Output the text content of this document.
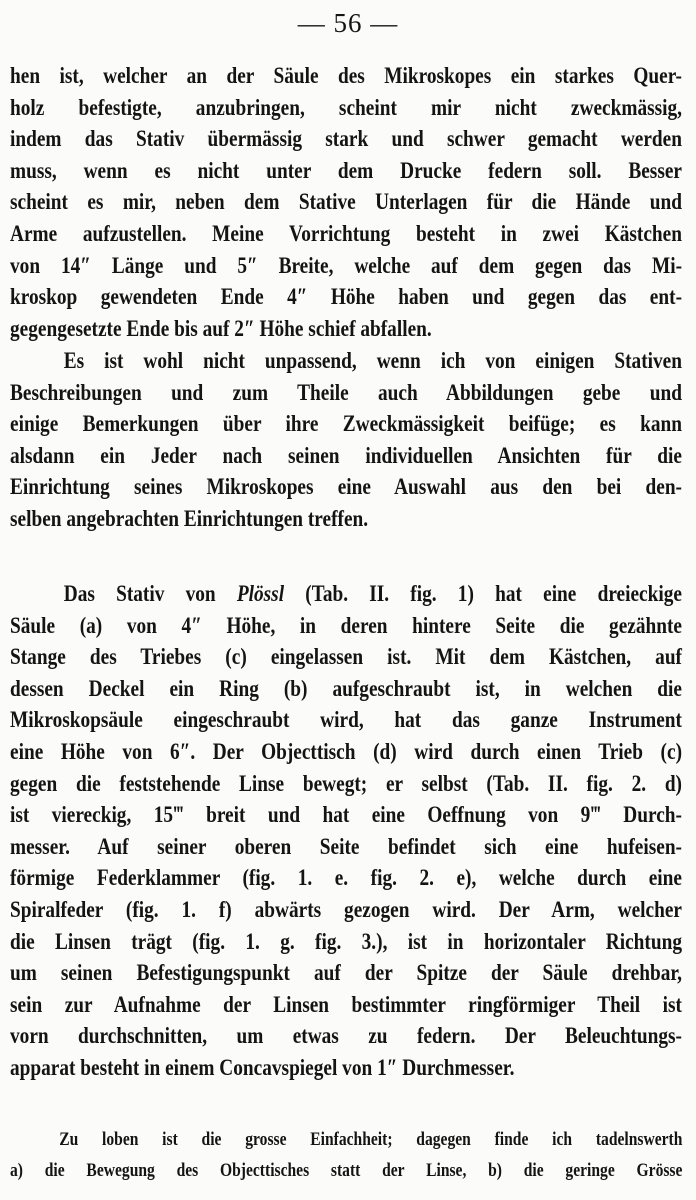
— 56 —
hen ist, welcher an der Säule des Mikroskopes ein starkes Quer-
holz befestigte, anzubringen, scheint mir nicht zweckmässig,
indem das Stativ übermässig stark und schwer gemacht werden
muss, wenn es nicht unter dem Drucke federn soll. Besser
scheint es mir, neben dem Stative Unterlagen für die Hände und
Arme aufzustellen. Meine Vorrichtung besteht in zwei Kästchen
von 14″ Länge und 5″ Breite, welche auf dem gegen das Mi-
kroskop gewendeten Ende 4″ Höhe haben und gegen das ent-
gegengesetzte Ende bis auf 2″ Höhe schief abfallen.
Es ist wohl nicht unpassend, wenn ich von einigen Stativen
Beschreibungen und zum Theile auch Abbildungen gebe und
einige Bemerkungen über ihre Zweckmässigkeit beifüge; es kann
alsdann ein Jeder nach seinen individuellen Ansichten für die
Einrichtung seines Mikroskopes eine Auswahl aus den bei den-
selben angebrachten Einrichtungen treffen.
Das Stativ von Plössl (Tab. II. fig. 1) hat eine dreieckige
Säule (a) von 4″ Höhe, in deren hintere Seite die gezähnte
Stange des Triebes (c) eingelassen ist. Mit dem Kästchen, auf
dessen Deckel ein Ring (b) aufgeschraubt ist, in welchen die
Mikroskopsäule eingeschraubt wird, hat das ganze Instrument
eine Höhe von 6″. Der Objecttisch (d) wird durch einen Trieb (c)
gegen die feststehende Linse bewegt; er selbst (Tab. II. fig. 2. d)
ist viereckig, 15‴ breit und hat eine Oeffnung von 9‴ Durch-
messer. Auf seiner oberen Seite befindet sich eine hufeisen-
förmige Federklammer (fig. 1. e. fig. 2. e), welche durch eine
Spiralfeder (fig. 1. f) abwärts gezogen wird. Der Arm, welcher
die Linsen trägt (fig. 1. g. fig. 3.), ist in horizontaler Richtung
um seinen Befestigungspunkt auf der Spitze der Säule drehbar,
sein zur Aufnahme der Linsen bestimmter ringförmiger Theil ist
vorn durchschnitten, um etwas zu federn. Der Beleuchtungs-
apparat besteht in einem Concavspiegel von 1″ Durchmesser.
Zu loben ist die grosse Einfachheit; dagegen finde ich tadelnswerth
a) die Bewegung des Objecttisches statt der Linse, b) die geringe Grösse
